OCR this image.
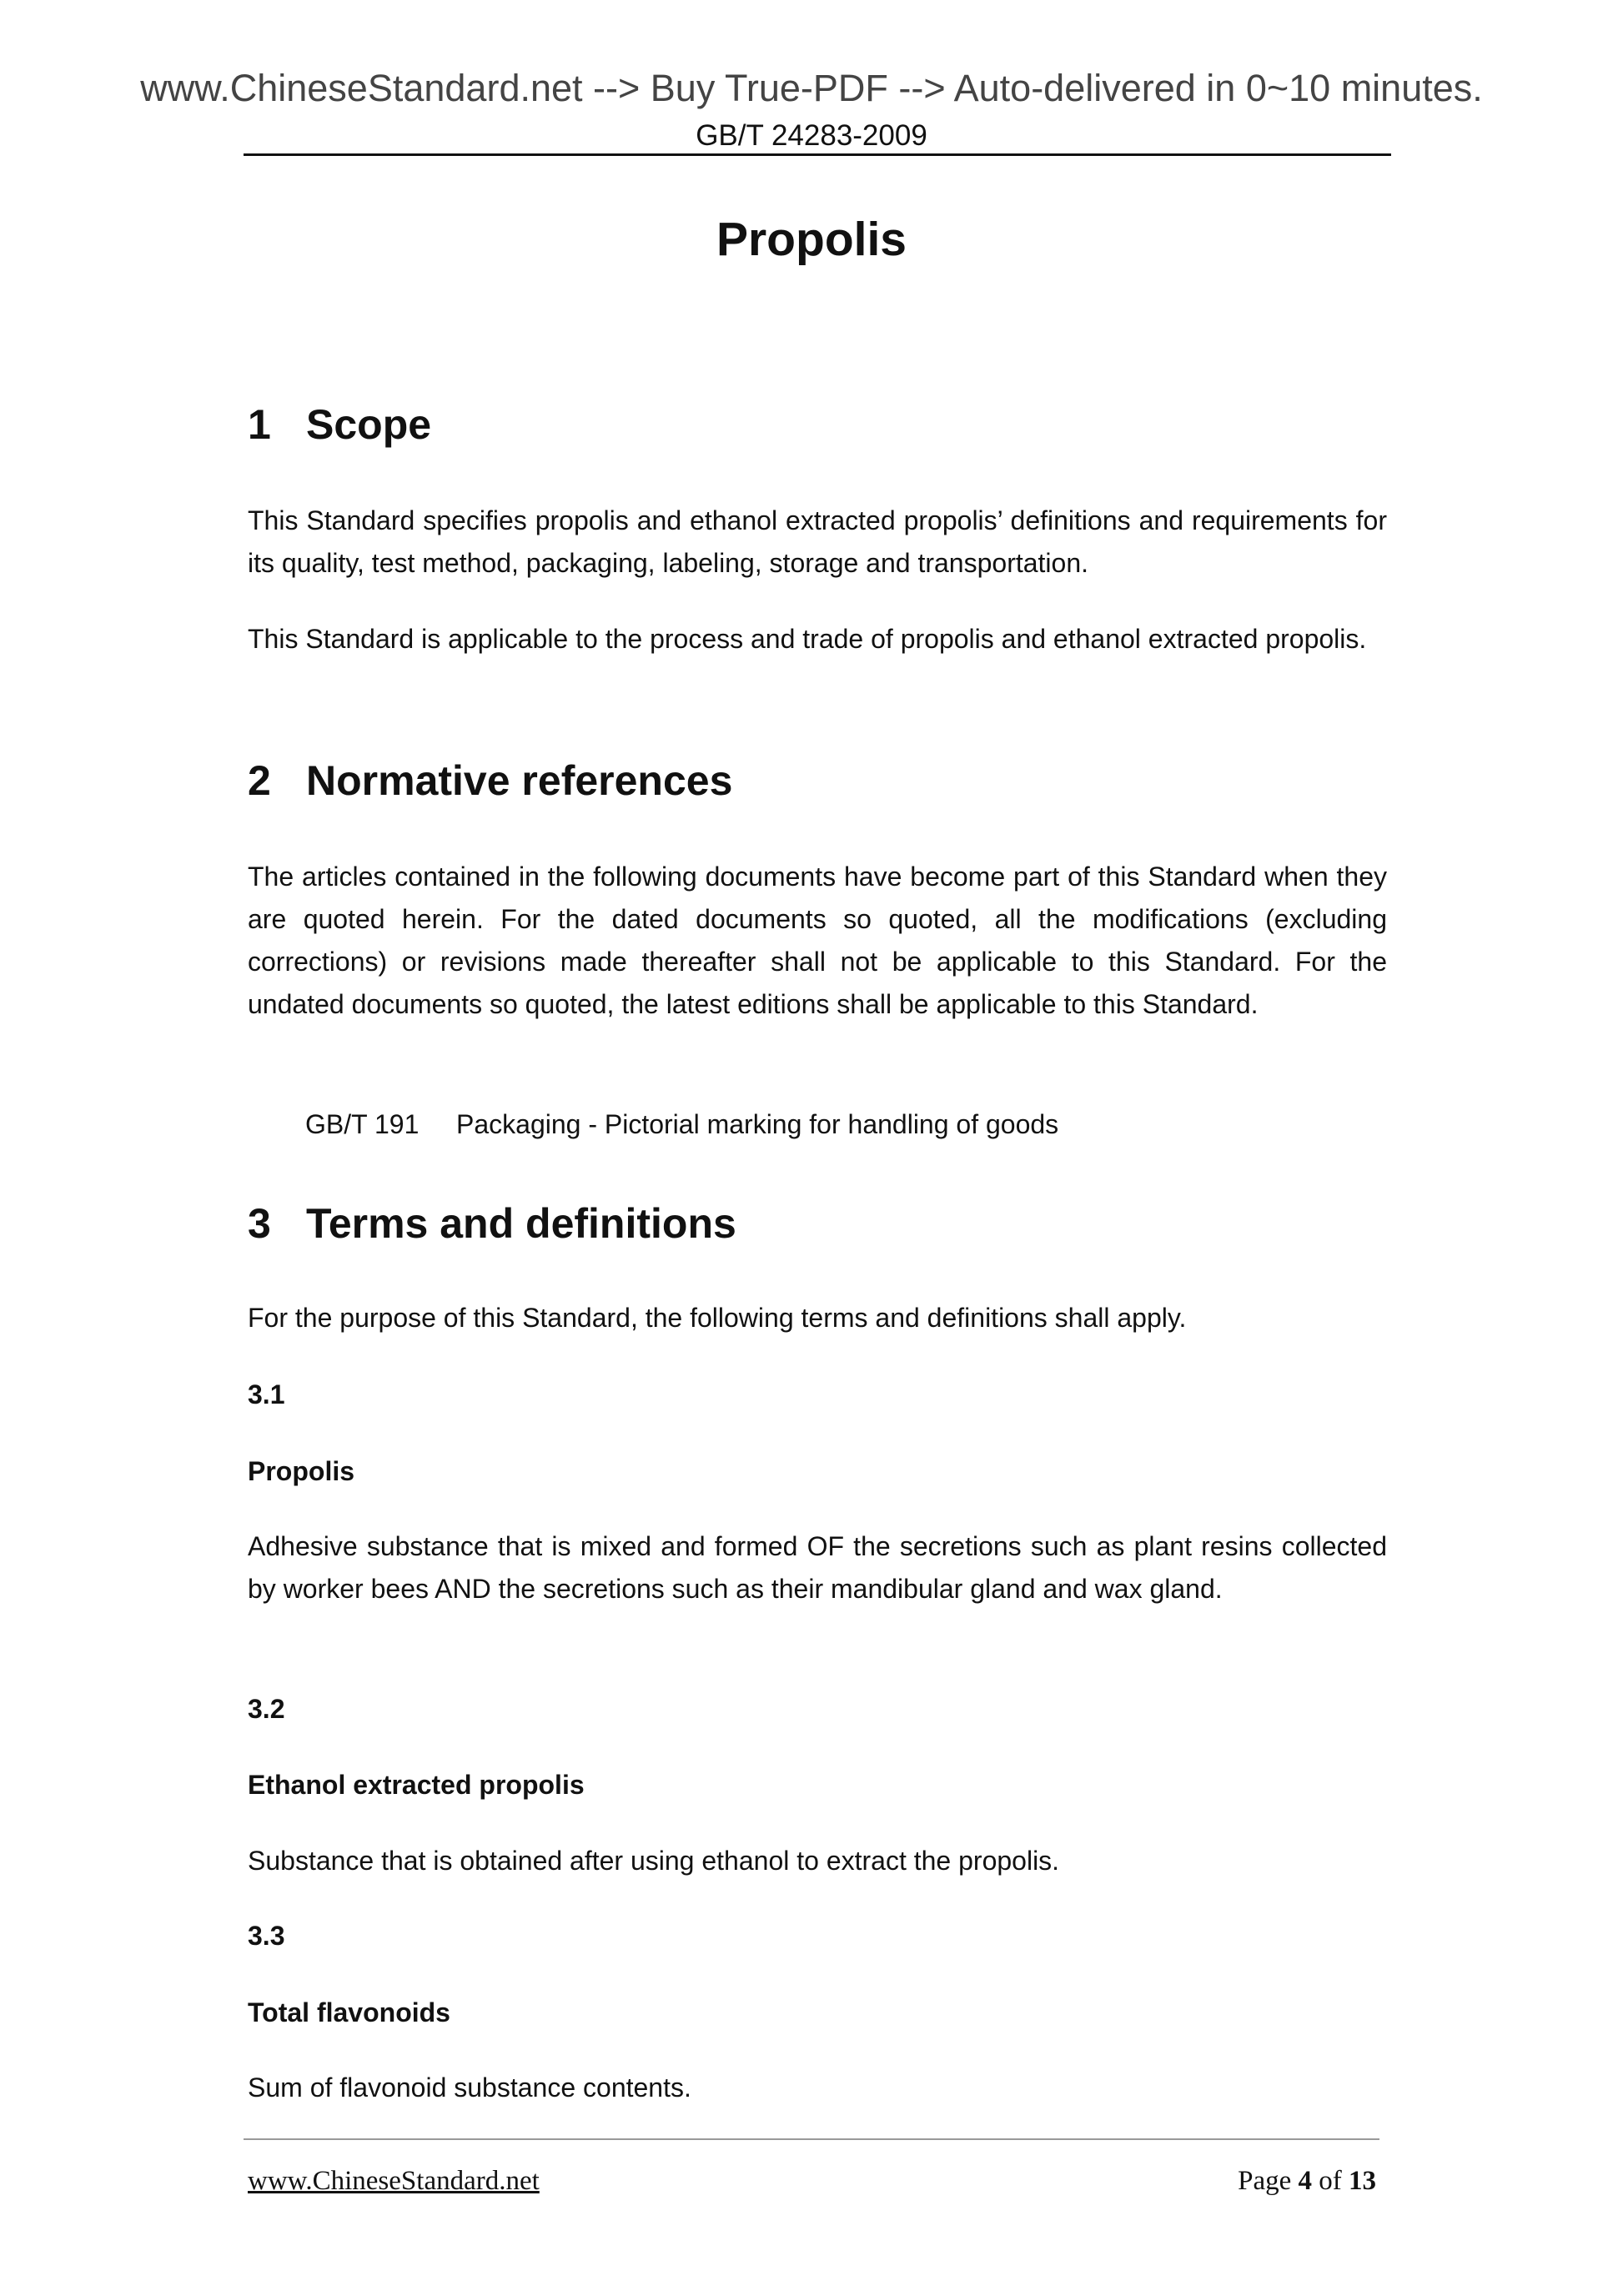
www.ChineseStandard.net --> Buy True-PDF --> Auto-delivered in 0~10 minutes.
GB/T 24283-2009
Propolis
1 Scope
This Standard specifies propolis and ethanol extracted propolis’ definitions and requirements for its quality, test method, packaging, labeling, storage and transportation.
This Standard is applicable to the process and trade of propolis and ethanol extracted propolis.
2 Normative references
The articles contained in the following documents have become part of this Standard when they are quoted herein. For the dated documents so quoted, all the modifications (excluding corrections) or revisions made thereafter shall not be applicable to this Standard. For the undated documents so quoted, the latest editions shall be applicable to this Standard.
GB/T 191 Packaging - Pictorial marking for handling of goods
3 Terms and definitions
For the purpose of this Standard, the following terms and definitions shall apply.
3.1
Propolis
Adhesive substance that is mixed and formed OF the secretions such as plant resins collected by worker bees AND the secretions such as their mandibular gland and wax gland.
3.2
Ethanol extracted propolis
Substance that is obtained after using ethanol to extract the propolis.
3.3
Total flavonoids
Sum of flavonoid substance contents.
www.ChineseStandard.net	Page 4 of 13
